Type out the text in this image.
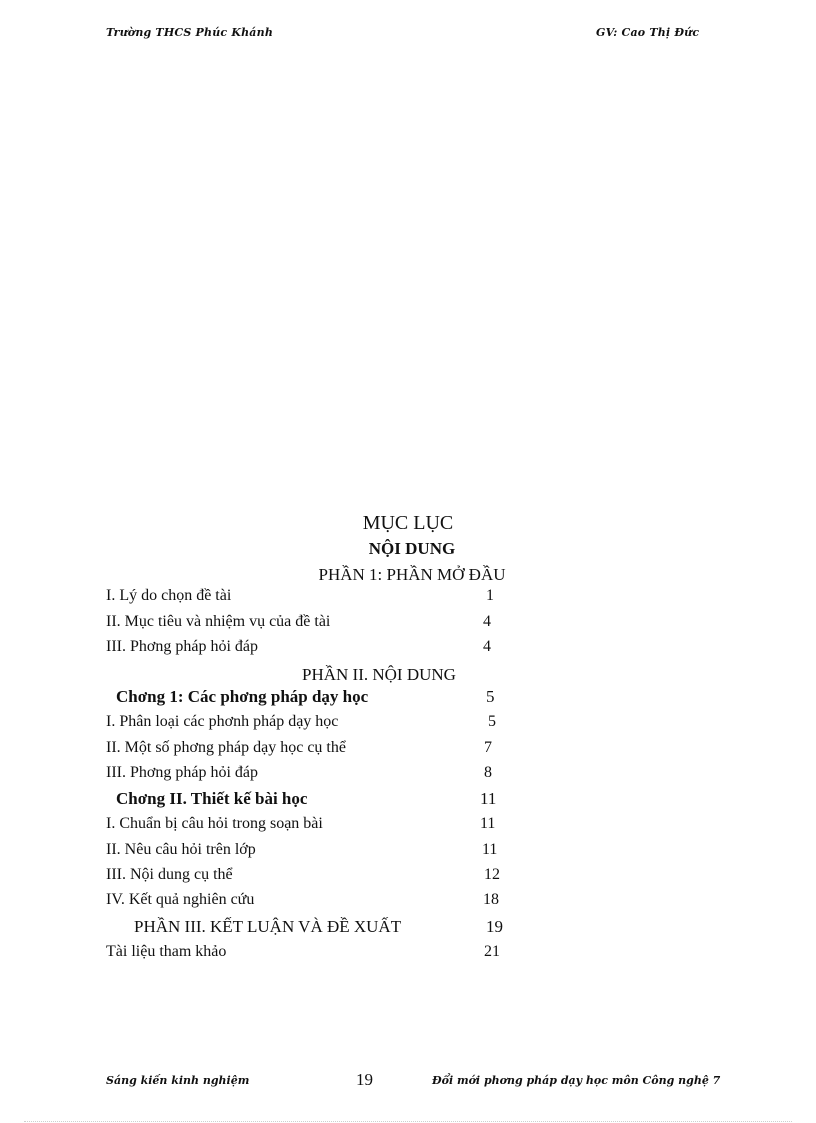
Trường THCS Phúc Khánh	GV: Cao Thị Đức
MỤC LỤC
NỘI DUNG
PHẦN 1: PHẦN MỞ ĐẦU
I. Lý do chọn đề tài	1
II. Mục tiêu và nhiệm vụ của đề tài	4
III. Phơng pháp hỏi đáp	4
PHẦN II. NỘI DUNG
Chơng 1: Các phơng pháp dạy học	5
I. Phân loại các phơnh pháp dạy học	5
II. Một số phơng pháp dạy học cụ thể	7
III. Phơng pháp hỏi đáp	8
Chơng II. Thiết kế bài học	11
I. Chuẩn bị câu hỏi trong soạn bài	11
II. Nêu câu hỏi trên lớp	11
III. Nội dung cụ thể	12
IV. Kết quả nghiên cứu	18
PHẦN III. KẾT LUẬN VÀ ĐỀ XUẤT	19
Tài liệu tham khảo	21
Sáng kiến kinh nghiệm	19	Đổi mới phơng pháp dạy học môn Công nghệ 7
